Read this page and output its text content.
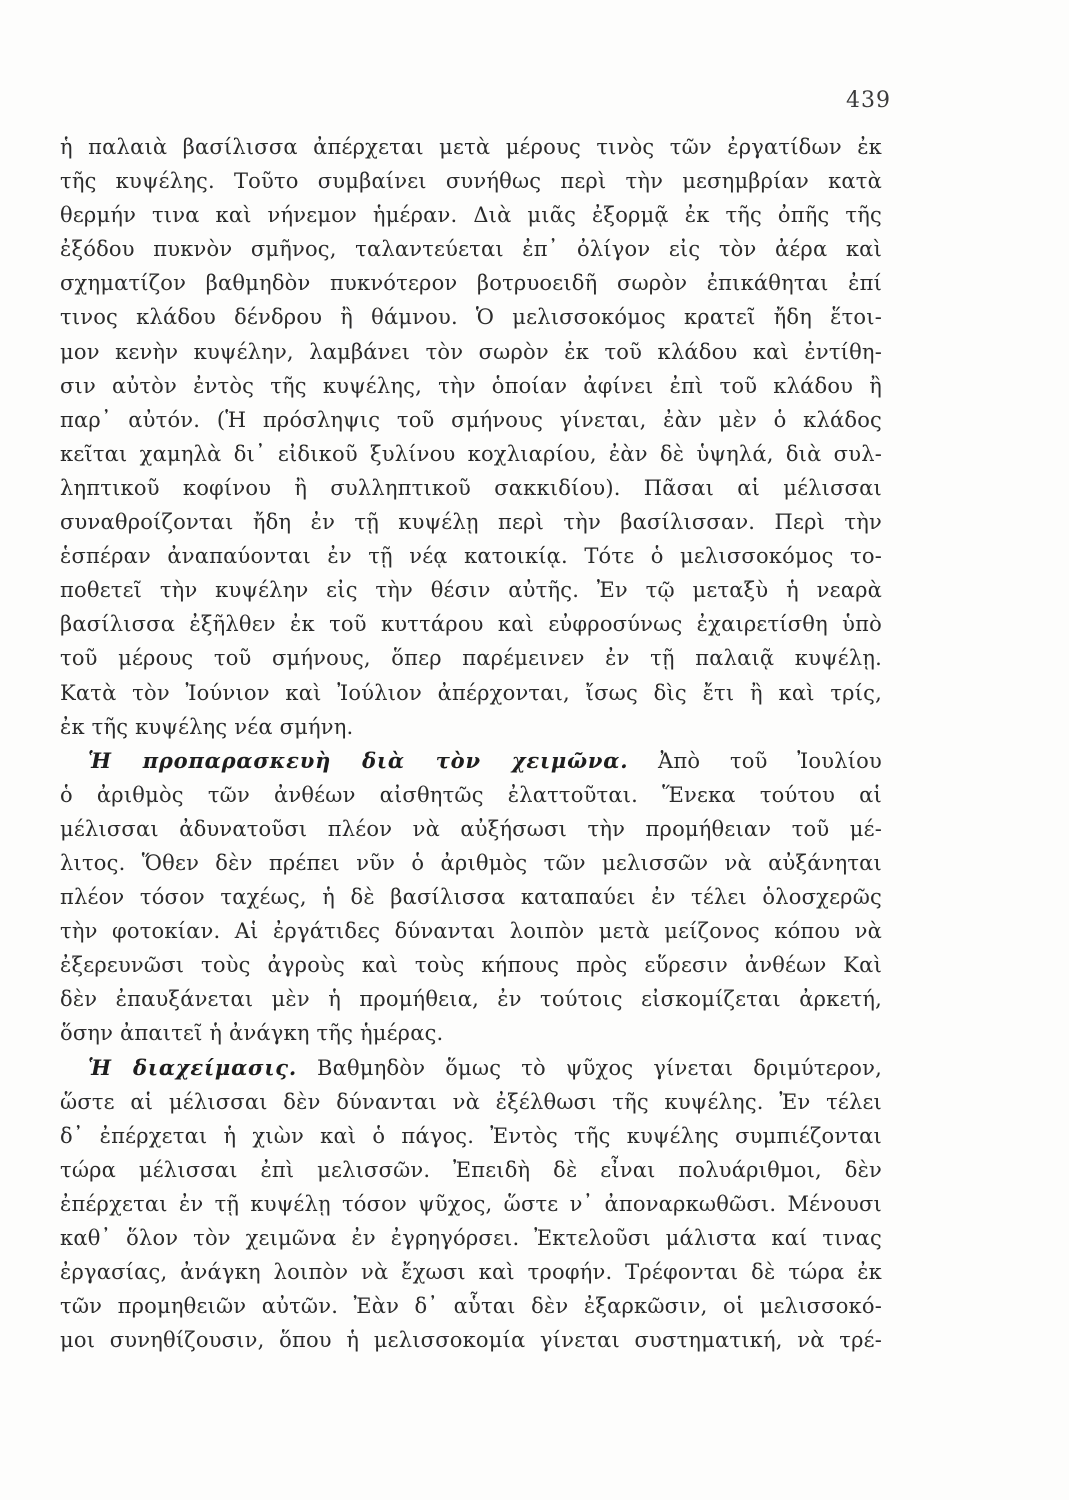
439
ἡ παλαιὰ βασίλισσα ἀπέρχεται μετὰ μέρους τινὸς τῶν ἐργατίδων ἐκ
τῆς κυψέλης. Τοῦτο συμβαίνει συνήθως περὶ τὴν μεσημβρίαν κατὰ
θερμήν τινα καὶ νήνεμον ἡμέραν. Διὰ μιᾶς ἐξορμᾷ ἐκ τῆς ὀπῆς τῆς
ἐξόδου πυκνὸν σμῆνος, ταλαντεύεται ἐπ᾽ ὀλίγον εἰς τὸν ἀέρα καὶ
σχηματίζον βαθμηδὸν πυκνότερον βοτρυοειδῆ σωρὸν ἐπικάθηται ἐπί
τινος κλάδου δένδρου ἢ θάμνου. Ὁ μελισσοκόμος κρατεῖ ἤδη ἕτοι-
μον κενὴν κυψέλην, λαμβάνει τὸν σωρὸν ἐκ τοῦ κλάδου καὶ ἐντίθη-
σιν αὐτὸν ἐντὸς τῆς κυψέλης, τὴν ὁποίαν ἀφίνει ἐπὶ τοῦ κλάδου ἢ
παρ᾽ αὐτόν. (Ἡ πρόσληψις τοῦ σμήνους γίνεται, ἐὰν μὲν ὁ κλάδος
κεῖται χαμηλὰ δι᾽ εἰδικοῦ ξυλίνου κοχλιαρίου, ἐὰν δὲ ὑψηλά, διὰ συλ-
ληπτικοῦ κοφίνου ἢ συλληπτικοῦ σακκιδίου). Πᾶσαι αἱ μέλισσαι
συναθροίζονται ἤδη ἐν τῇ κυψέλῃ περὶ τὴν βασίλισσαν. Περὶ τὴν
ἑσπέραν ἀναπαύονται ἐν τῇ νέᾳ κατοικίᾳ. Τότε ὁ μελισσοκόμος το-
ποθετεῖ τὴν κυψέλην εἰς τὴν θέσιν αὐτῆς. Ἐν τῷ μεταξὺ ἡ νεαρὰ
βασίλισσα ἐξῆλθεν ἐκ τοῦ κυττάρου καὶ εὐφροσύνως ἐχαιρετίσθη ὑπὸ
τοῦ μέρους τοῦ σμήνους, ὅπερ παρέμεινεν ἐν τῇ παλαιᾷ κυψέλῃ.
Κατὰ τὸν Ἰούνιον καὶ Ἰούλιον ἀπέρχονται, ἴσως δὶς ἔτι ἢ καὶ τρίς,
ἐκ τῆς κυψέλης νέα σμήνη.
Ἡ προπαρασκευὴ διὰ τὸν χειμῶνα. Ἀπὸ τοῦ Ἰουλίου
ὁ ἀριθμὸς τῶν ἀνθέων αἰσθητῶς ἐλαττοῦται. Ἕνεκα τούτου αἱ
μέλισσαι ἀδυνατοῦσι πλέον νὰ αὐξήσωσι τὴν προμήθειαν τοῦ μέ-
λιτος. Ὅθεν δὲν πρέπει νῦν ὁ ἀριθμὸς τῶν μελισσῶν νὰ αὐξάνηται
πλέον τόσον ταχέως, ἡ δὲ βασίλισσα καταπαύει ἐν τέλει ὁλοσχερῶς
τὴν φοτοκίαν. Αἱ ἐργάτιδες δύνανται λοιπὸν μετὰ μείζονος κόπου νὰ
ἐξερευνῶσι τοὺς ἀγροὺς καὶ τοὺς κήπους πρὸς εὕρεσιν ἀνθέων Καὶ
δὲν ἐπαυξάνεται μὲν ἡ προμήθεια, ἐν τούτοις εἰσκομίζεται ἀρκετή,
ὅσην ἀπαιτεῖ ἡ ἀνάγκη τῆς ἡμέρας.
Ἡ διαχείμασις. Βαθμηδὸν ὅμως τὸ ψῦχος γίνεται δριμύτερον,
ὥστε αἱ μέλισσαι δὲν δύνανται νὰ ἐξέλθωσι τῆς κυψέλης. Ἐν τέλει
δ᾽ ἐπέρχεται ἡ χιὼν καὶ ὁ πάγος. Ἐντὸς τῆς κυψέλης συμπιέζονται
τώρα μέλισσαι ἐπὶ μελισσῶν. Ἐπειδὴ δὲ εἶναι πολυάριθμοι, δὲν
ἐπέρχεται ἐν τῇ κυψέλῃ τόσον ψῦχος, ὥστε ν᾽ ἀποναρκωθῶσι. Μένουσι
καθ᾽ ὅλον τὸν χειμῶνα ἐν ἐγρηγόρσει. Ἐκτελοῦσι μάλιστα καί τινας
ἐργασίας, ἀνάγκη λοιπὸν νὰ ἔχωσι καὶ τροφήν. Τρέφονται δὲ τώρα ἐκ
τῶν προμηθειῶν αὐτῶν. Ἐὰν δ᾽ αὗται δὲν ἐξαρκῶσιν, οἱ μελισσοκό-
μοι συνηθίζουσιν, ὅπου ἡ μελισσοκομία γίνεται συστηματική, νὰ τρέ-
